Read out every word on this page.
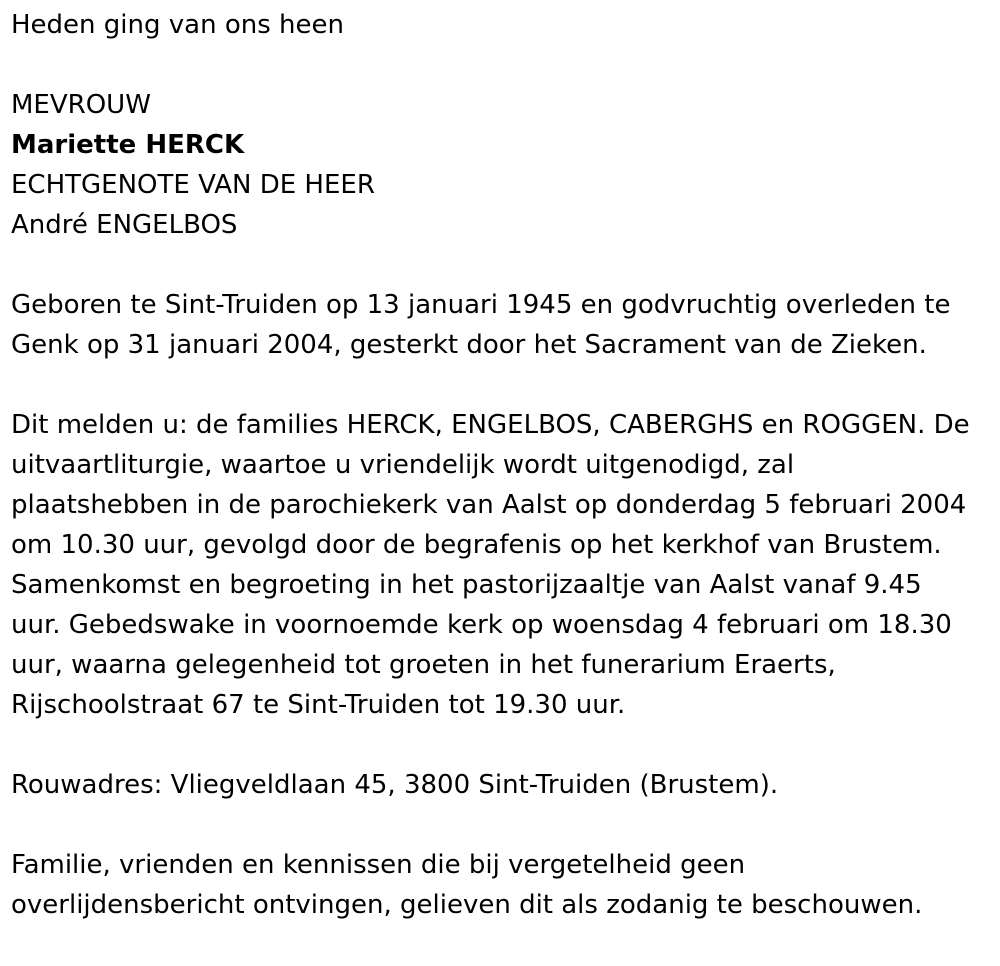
Heden ging van ons heen

MEVROUW

Mariette HERCK

ECHTGENOTE VAN DE HEER

André ENGELBOS

Geboren te Sint-Truiden op 13 januari 1945 en godvruchtig overleden te
Genk op 31 januari 2004, gesterkt door het Sacrament van de Zieken.

Dit melden u: de families HERCK, ENGELBOS, CABERGHS en ROGGEN. De
uitvaartliturgie, waartoe u vriendelijk wordt uitgenodigd, zal
plaatshebben in de parochiekerk van Aalst op donderdag 5 februari 2004
om 10.30 uur, gevolgd door de begrafenis op het kerkhof van Brustem.
Samenkomst en begroeting in het pastorijzaaltje van Aalst vanaf 9.45
uur. Gebedswake in voornoemde kerk op woensdag 4 februari om 18.30
uur, waarna gelegenheid tot groeten in het funerarium Eraerts,
Rijschoolstraat 67 te Sint-Truiden tot 19.30 uur.

Rouwadres: Vliegveldlaan 45, 3800 Sint-Truiden (Brustem).

Familie, vrienden en kennissen die bij vergetelheid geen
overlijdensbericht ontvingen, gelieven dit als zodanig te beschouwen.
